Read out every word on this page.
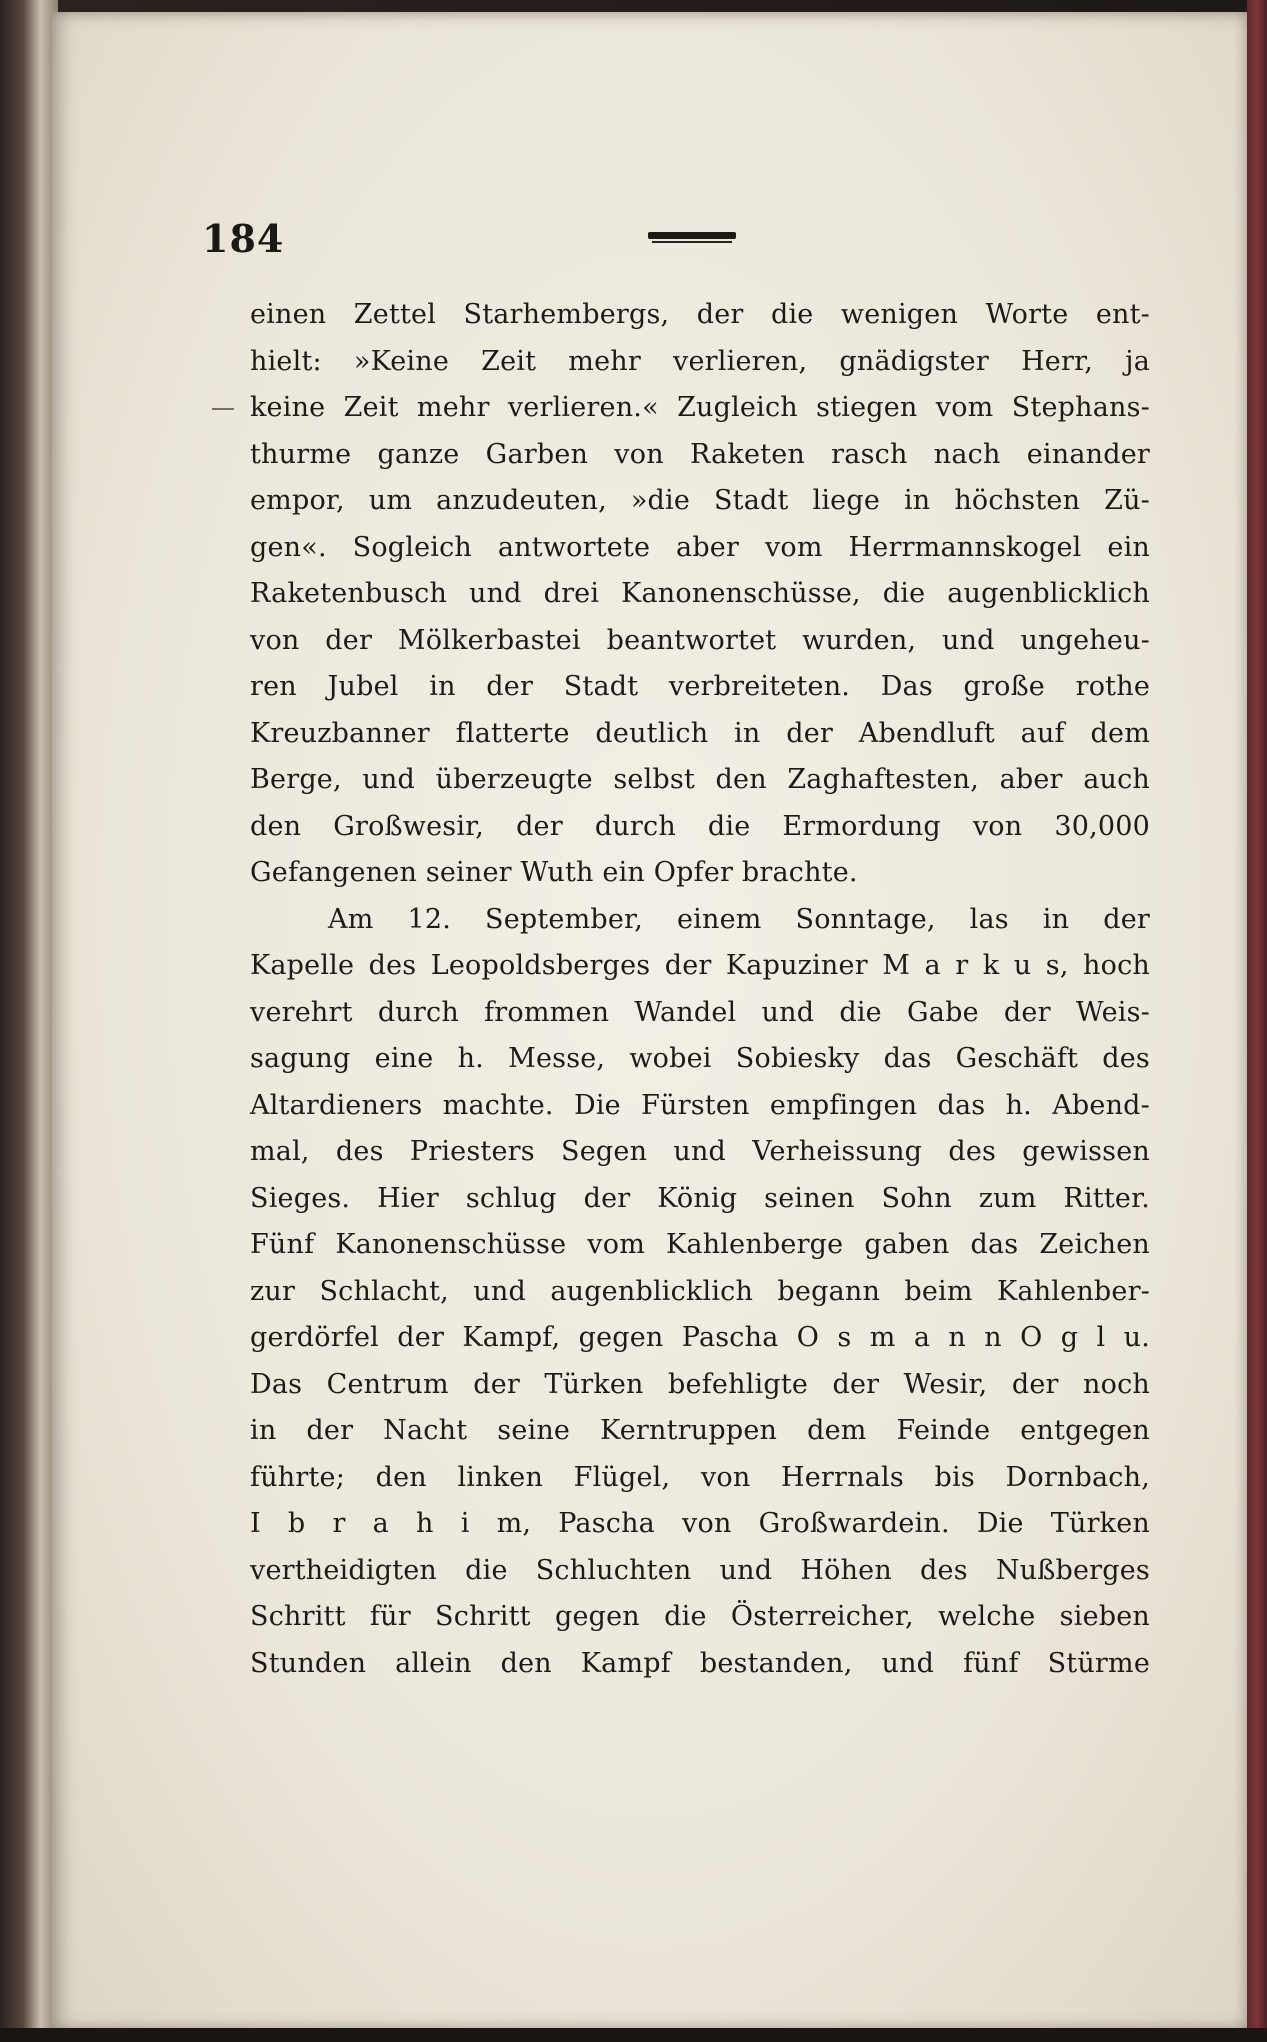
184
einen Zettel Starhembergs, der die wenigen Worte ent-
hielt: »Keine Zeit mehr verlieren, gnädigster Herr, ja
keine Zeit mehr verlieren.« Zugleich stiegen vom Stephans-
thurme ganze Garben von Raketen rasch nach einander
empor, um anzudeuten, »die Stadt liege in höchsten Zü-
gen«. Sogleich antwortete aber vom Herrmannskogel ein
Raketenbusch und drei Kanonenschüsse, die augenblicklich
von der Mölkerbastei beantwortet wurden, und ungeheu-
ren Jubel in der Stadt verbreiteten. Das große rothe
Kreuzbanner flatterte deutlich in der Abendluft auf dem
Berge, und überzeugte selbst den Zaghaftesten, aber auch
den Großwesir, der durch die Ermordung von 30,000
Gefangenen seiner Wuth ein Opfer brachte.
Am 12. September, einem Sonntage, las in der
Kapelle des Leopoldsberges der Kapuziner M a r k u s, hoch
verehrt durch frommen Wandel und die Gabe der Weis-
sagung eine h. Messe, wobei Sobiesky das Geschäft des
Altardieners machte. Die Fürsten empfingen das h. Abend-
mal, des Priesters Segen und Verheissung des gewissen
Sieges. Hier schlug der König seinen Sohn zum Ritter.
Fünf Kanonenschüsse vom Kahlenberge gaben das Zeichen
zur Schlacht, und augenblicklich begann beim Kahlenber-
gerdörfel der Kampf, gegen Pascha O s m a n n O g l u.
Das Centrum der Türken befehligte der Wesir, der noch
in der Nacht seine Kerntruppen dem Feinde entgegen
führte; den linken Flügel, von Herrnals bis Dornbach,
I b r a h i m, Pascha von Großwardein. Die Türken
vertheidigten die Schluchten und Höhen des Nußberges
Schritt für Schritt gegen die Österreicher, welche sieben
Stunden allein den Kampf bestanden, und fünf Stürme
